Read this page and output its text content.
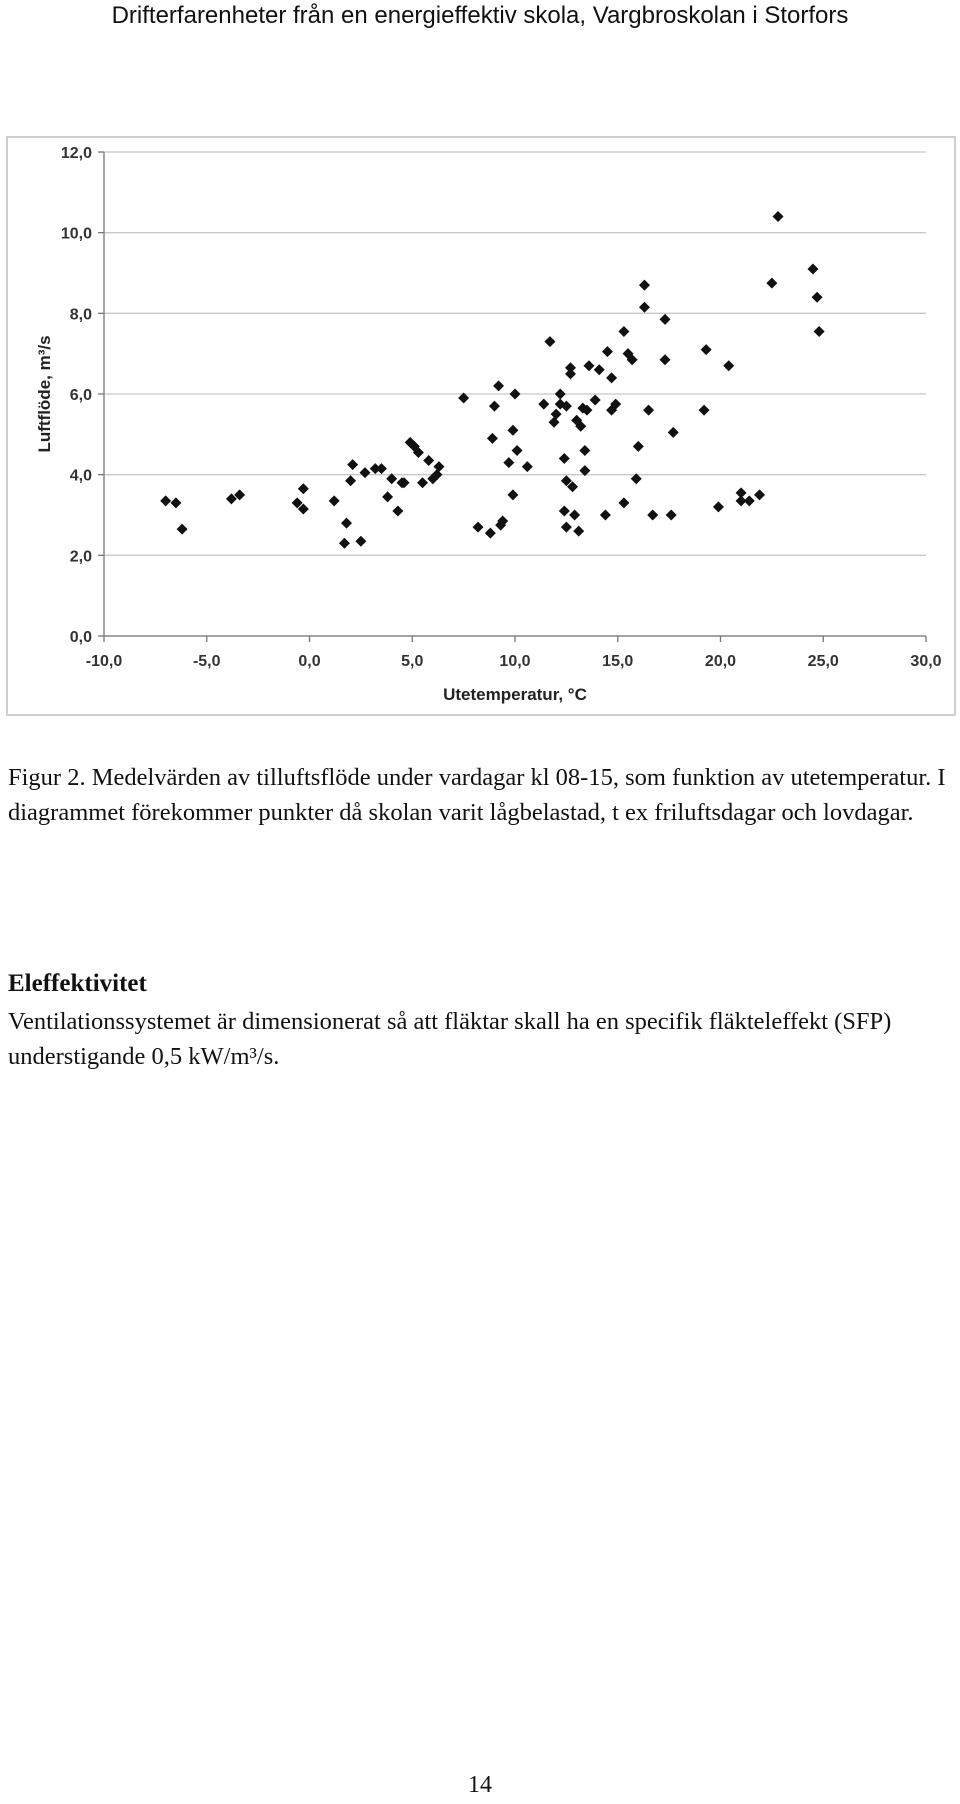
Drifterfarenheter från en energieffektiv skola, Vargbroskolan i Storfors
0,0
2,0
4,0
6,0
8,0
10,0
12,0
-10,0	-5,0	0,0	5,0	10,0	15,0	20,0	25,0	30,0
Utetemperatur, °C
Luftflöde, m³/s

Figur 2. Medelvärden av tilluftsflöde under vardagar kl 08-15, som funktion av utetemperatur. I diagrammet förekommer punkter då skolan varit lågbelastad, t ex friluftsdagar och lovdagar.

Eleffektivitet

Ventilationssystemet är dimensionerat så att fläktar skall ha en specifik fläkteleffekt (SFP) understigande 0,5 kW/m³/s.

14
